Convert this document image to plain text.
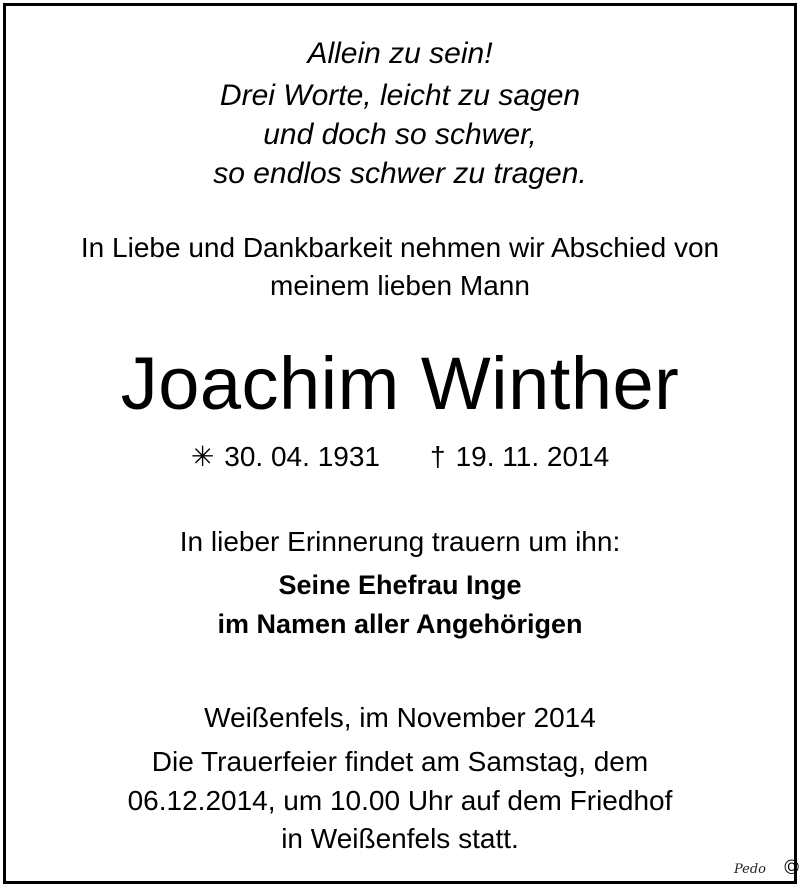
Allein zu sein!
Drei Worte, leicht zu sagen
und doch so schwer,
so endlos schwer zu tragen.
In Liebe und Dankbarkeit nehmen wir Abschied von
meinem lieben Mann
Joachim Winther
✳ 30. 04. 1931 † 19. 11. 2014
In lieber Erinnerung trauern um ihn:
Seine Ehefrau Inge
im Namen aller Angehörigen
Weißenfels, im November 2014
Die Trauerfeier findet am Samstag, dem
06.12.2014, um 10.00 Uhr auf dem Friedhof
in Weißenfels statt.
Pedo ©
